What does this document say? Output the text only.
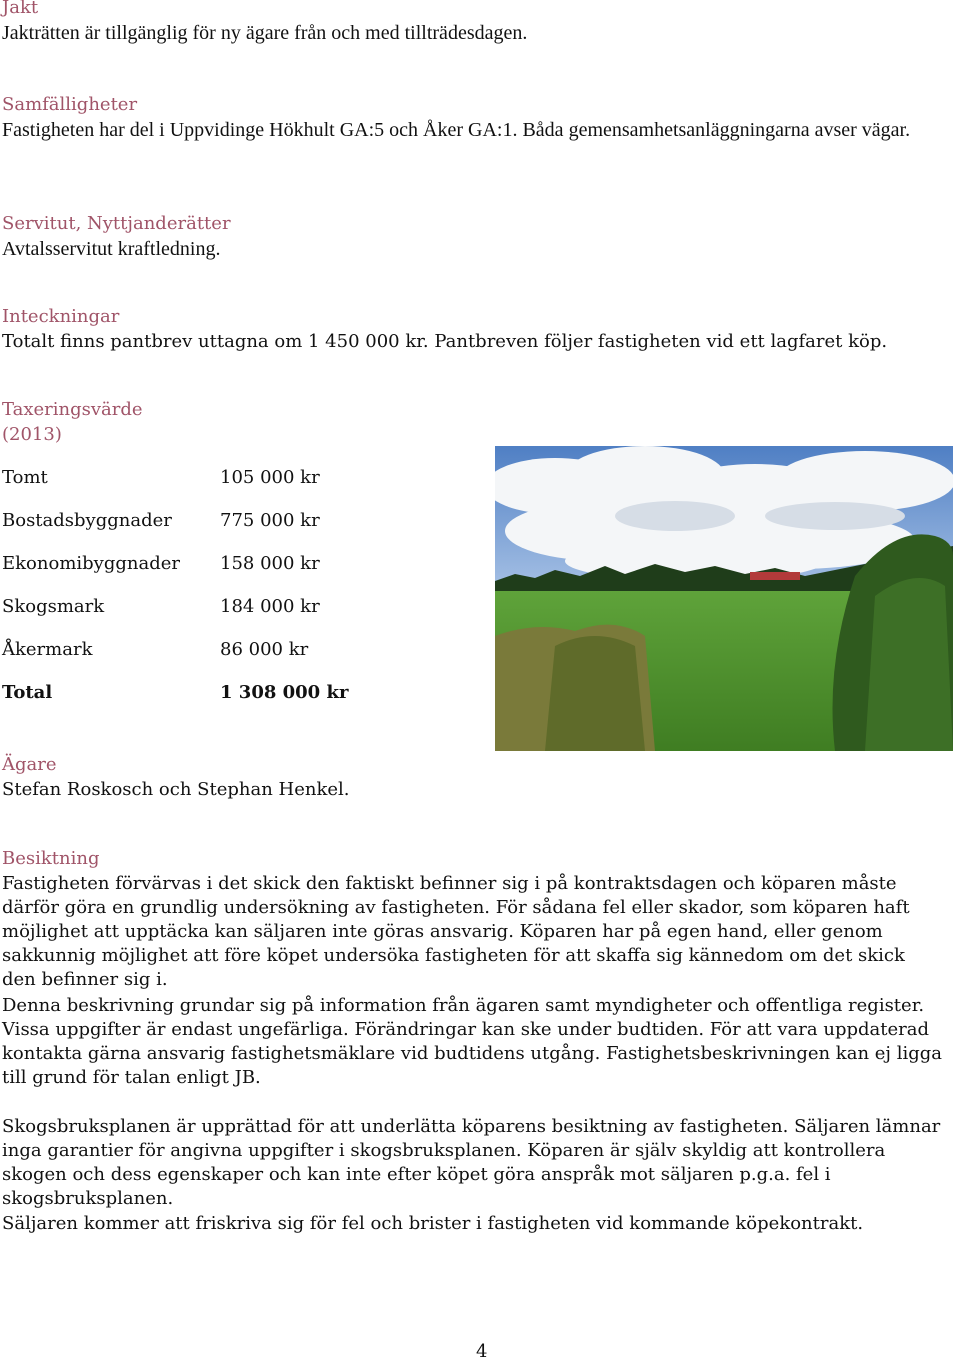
Jakt
Jakträtten är tillgänglig för ny ägare från och med tillträdesdagen.
Samfälligheter
Fastigheten har del i Uppvidinge Hökhult GA:5 och Åker GA:1. Båda gemensamhetsanläggningarna avser vägar.
Servitut, Nyttjanderätter
Avtalsservitut kraftledning.
Inteckningar
Totalt finns pantbrev uttagna om 1 450 000 kr. Pantbreven följer fastigheten vid ett lagfaret köp.
Taxeringsvärde
(2013)
Tomt	105 000 kr
Bostadsbyggnader	775 000 kr
Ekonomibyggnader 158 000 kr
Skogsmark	184 000 kr
Åkermark	86 000 kr
Total	1 308 000 kr
Ägare
Stefan Roskosch och Stephan Henkel.
Besiktning
Fastigheten förvärvas i det skick den faktiskt befinner sig i på kontraktsdagen och köparen måste därför göra en grundlig undersökning av fastigheten. För sådana fel eller skador, som köparen haft möjlighet att upptäcka kan säljaren inte göras ansvarig. Köparen har på egen hand, eller genom sakkunnig möjlighet att före köpet undersöka fastigheten för att skaffa sig kännedom om det skick den befinner sig i.
Denna beskrivning grundar sig på information från ägaren samt myndigheter och offentliga register. Vissa uppgifter är endast ungefärliga. Förändringar kan ske under budtiden. För att vara uppdaterad kontakta gärna ansvarig fastighetsmäklare vid budtidens utgång. Fastighetsbeskrivningen kan ej ligga till grund för talan enligt JB.
Skogsbruksplanen är upprättad för att underlätta köparens besiktning av fastigheten. Säljaren lämnar inga garantier för angivna uppgifter i skogsbruksplanen. Köparen är själv skyldig att kontrollera skogen och dess egenskaper och kan inte efter köpet göra anspråk mot säljaren p.g.a. fel i skogsbruksplanen.
Säljaren kommer att friskriva sig för fel och brister i fastigheten vid kommande köpekontrakt.
4
